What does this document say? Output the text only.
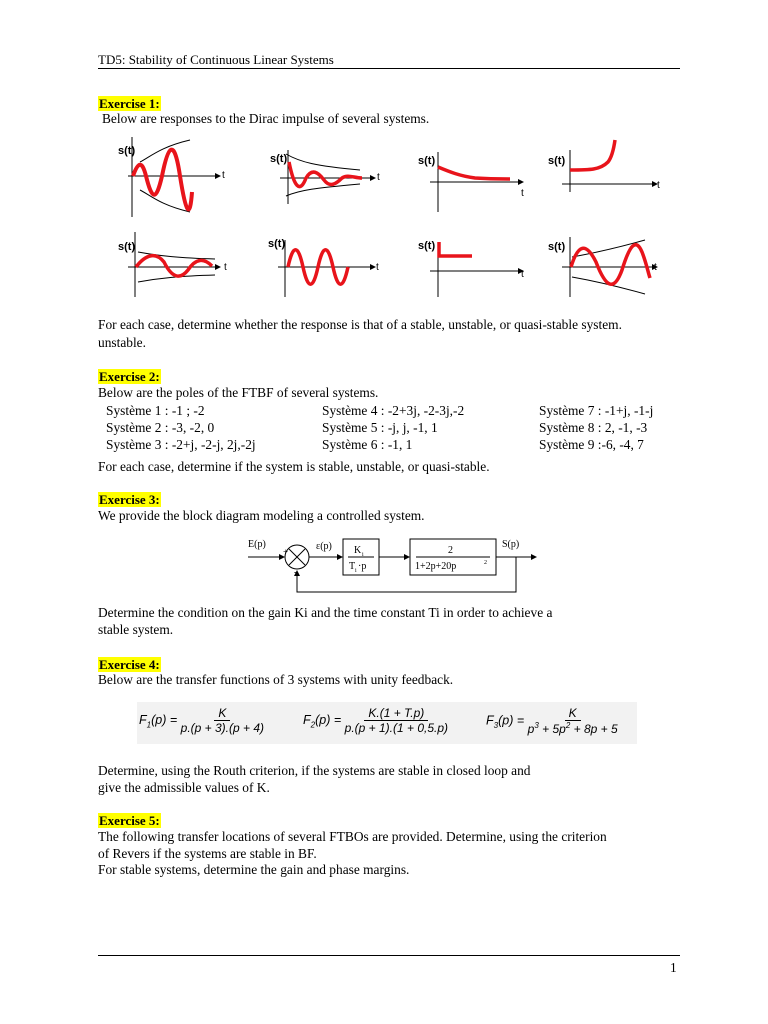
TD5: Stability of Continuous Linear Systems
Exercise 1:
Below are responses to the Dirac impulse of several systems.
s(t)
t
s(t)
t
s(t)
t
s(t)
t
s(t)
t
s(t)
t
s(t)
t
s(t)
t
For each case, determine whether the response is that of a stable, unstable, or quasi-stable system.
unstable.
Exercise 2:
Below are the poles of the FTBF of several systems.
Système 1 : -1 ; -2	Système 4 : -2+3j, -2-3j,-2	Système 7 : -1+j, -1-j
Système 2 : -3, -2, 0	Système 5 : -j, j, -1, 1	Système 8 : 2, -1, -3
Système 3 : -2+j, -2-j, 2j,-2j	Système 6 : -1, 1	Système 9 :-6, -4, 7
For each case, determine if the system is stable, unstable, or quasi-stable.
Exercise 3:
We provide the block diagram modeling a controlled system.
E(p)
+
-
ε(p) K i
T i ·p
2
1+2p+20p	2
S(p)
Determine the condition on the gain Ki and the time constant Ti in order to achieve a
stable system.
Exercise 4:
Below are the transfer functions of 3 systems with unity feedback.
$F_1(p) = \frac{K}{p.(p + 3).(p + 4)}$	$F_2(p) = \frac{K.(1 + T.p)}{p.(p + 1).(1 + 0,5.p)}$	$F_3(p) = \frac{K}{p^3 + 5p^2 + 8p + 5}$
Determine, using the Routh criterion, if the systems are stable in closed loop and
give the admissible values of K.
Exercise 5:
The following transfer locations of several FTBOs are provided. Determine, using the criterion
of Revers if the systems are stable in BF.
For stable systems, determine the gain and phase margins.
1
